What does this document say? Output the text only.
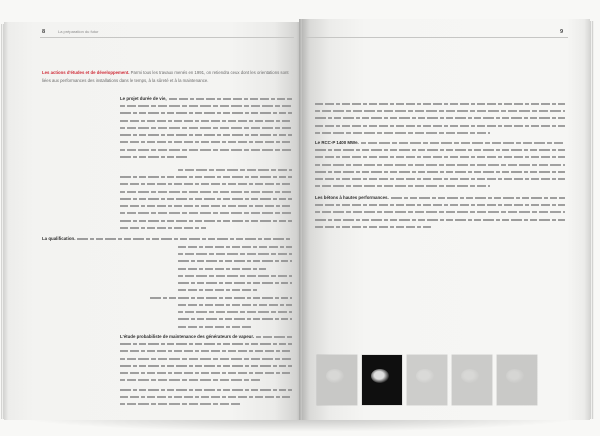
8	La préparation du futur	9
Les actions d'études et de développement. Parmi tous les travaux menés en 1991, on retiendra ceux dont les orientations sont liées aux performances des installations dans le temps, à la sûreté et à la maintenance.
Le projet durée de vie,
La qualification.
L'étude probabiliste de maintenance des générateurs de vapeur.
Le RCC-P 1400 MWe.
Les bétons à hautes performances.
